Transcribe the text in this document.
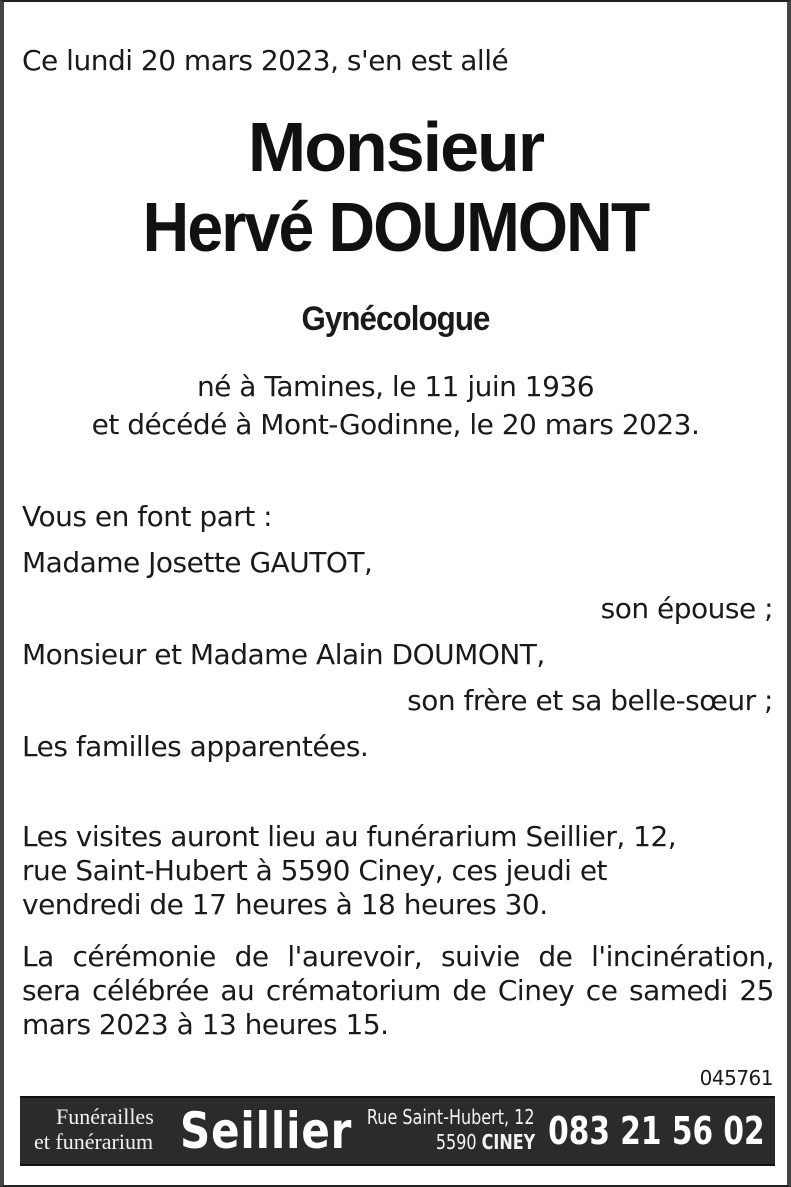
Ce lundi 20 mars 2023, s'en est allé
Monsieur
Hervé DOUMONT
Gynécologue
né à Tamines, le 11 juin 1936
et décédé à Mont-Godinne, le 20 mars 2023.
Vous en font part :
Madame Josette GAUTOT,
son épouse ;
Monsieur et Madame Alain DOUMONT,
son frère et sa belle-sœur ;
Les familles apparentées.
Les visites auront lieu au funérarium Seillier, 12, rue Saint-Hubert à 5590 Ciney, ces jeudi et vendredi de 17 heures à 18 heures 30.
La cérémonie de l'aurevoir, suivie de l'incinération, sera célébrée au crématorium de Ciney ce samedi 25 mars 2023 à 13 heures 15.
045761
Funérailles
et funérarium Seillier Rue Saint-Hubert, 12
5590 CINEY 083 21 56 02
